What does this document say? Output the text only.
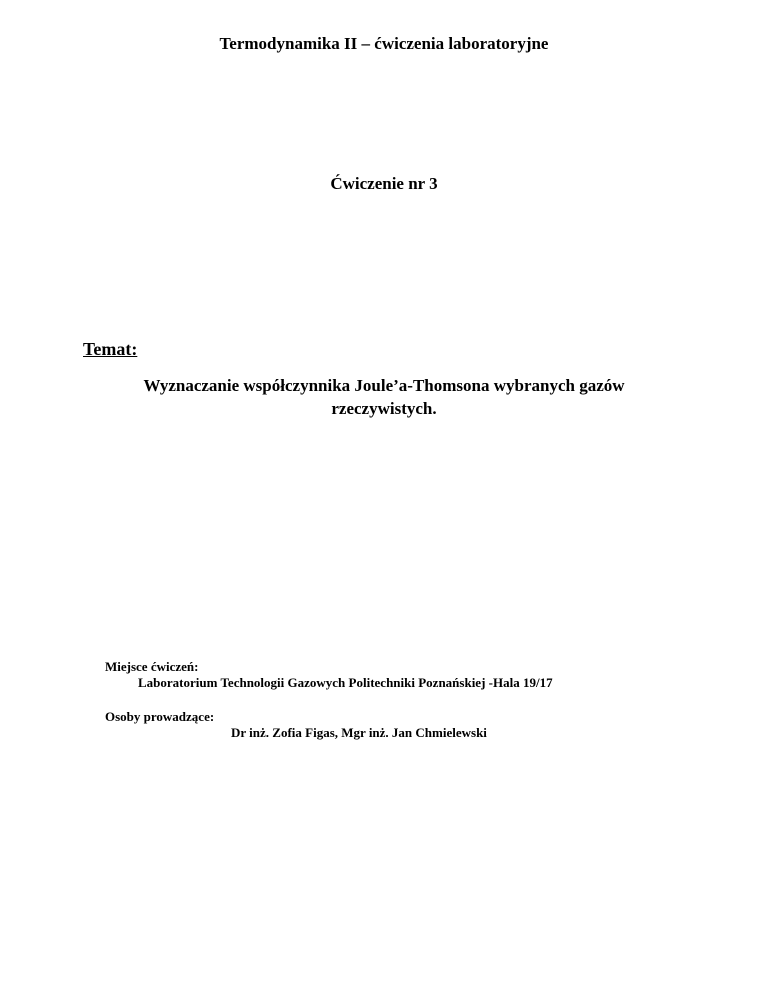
Termodynamika II – ćwiczenia laboratoryjne

Ćwiczenie nr 3

Temat:

Wyznaczanie współczynnika Joule’a-Thomsona wybranych gazów

rzeczywistych.

Miejsce ćwiczeń:

Laboratorium Technologii Gazowych Politechniki Poznańskiej -Hala 19/17

Osoby prowadzące:

Dr inż. Zofia Figas, Mgr inż. Jan Chmielewski
